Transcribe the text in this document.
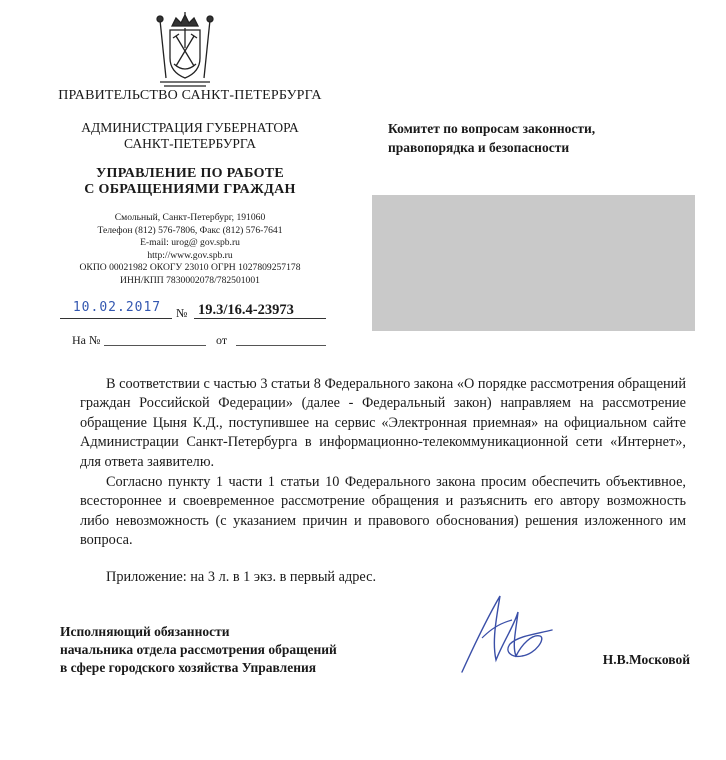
ПРАВИТЕЛЬСТВО САНКТ-ПЕТЕРБУРГА
АДМИНИСТРАЦИЯ ГУБЕРНАТОРА
САНКТ-ПЕТЕРБУРГА
УПРАВЛЕНИЕ ПО РАБОТЕ
С ОБРАЩЕНИЯМИ ГРАЖДАН
Смольный, Санкт-Петербург, 191060
Телефон (812) 576-7806, Факс (812) 576-7641
E-mail: urog@ gov.spb.ru
http://www.gov.spb.ru
ОКПО 00021982 ОКОГУ 23010 ОГРН 1027809257178
ИНН/КПП 7830002078/782501001
10.02.2017	№ 19.3/16.4-23973
На №	от
Комитет по вопросам законности,
правопорядка и безопасности

В соответствии с частью 3 статьи 8 Федерального закона «О порядке рассмотрения обращений граждан Российской Федерации» (далее - Федеральный закон) направляем на рассмотрение обращение Цыня К.Д., поступившее на сервис «Электронная приемная» на официальном сайте Администрации Санкт-Петербурга в информационно-телекоммуникационной сети «Интернет», для ответа заявителю.

Согласно пункту 1 части 1 статьи 10 Федерального закона просим обеспечить объективное, всестороннее и своевременное рассмотрение обращения и разъяснить его автору возможность либо невозможность (с указанием причин и правового обоснования) решения изложенного им вопроса.

Приложение: на 3 л. в 1 экз. в первый адрес.

Исполняющий обязанности
начальника отдела рассмотрения обращений
в сфере городского хозяйства Управления
Н.В.Московой
